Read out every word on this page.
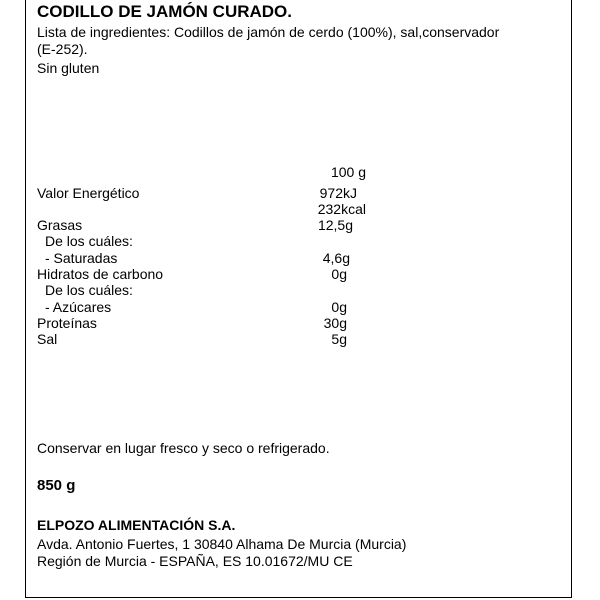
CODILLO DE JAMÓN CURADO.
Lista de ingredientes: Codillos de jamón de cerdo (100%), sal,conservador
(E-252).
Sin gluten
100 g
Valor Energético	972kJ
232kcal
Grasas	12,5g
De los cuáles:
- Saturadas	4,6g
Hidratos de carbono	0g
De los cuáles:
- Azúcares	0g
Proteínas	30g
Sal	5g
Conservar en lugar fresco y seco o refrigerado.
850 g
ELPOZO ALIMENTACIÓN S.A.
Avda. Antonio Fuertes, 1 30840 Alhama De Murcia (Murcia)
Región de Murcia - ESPAÑA, ES 10.01672/MU CE
